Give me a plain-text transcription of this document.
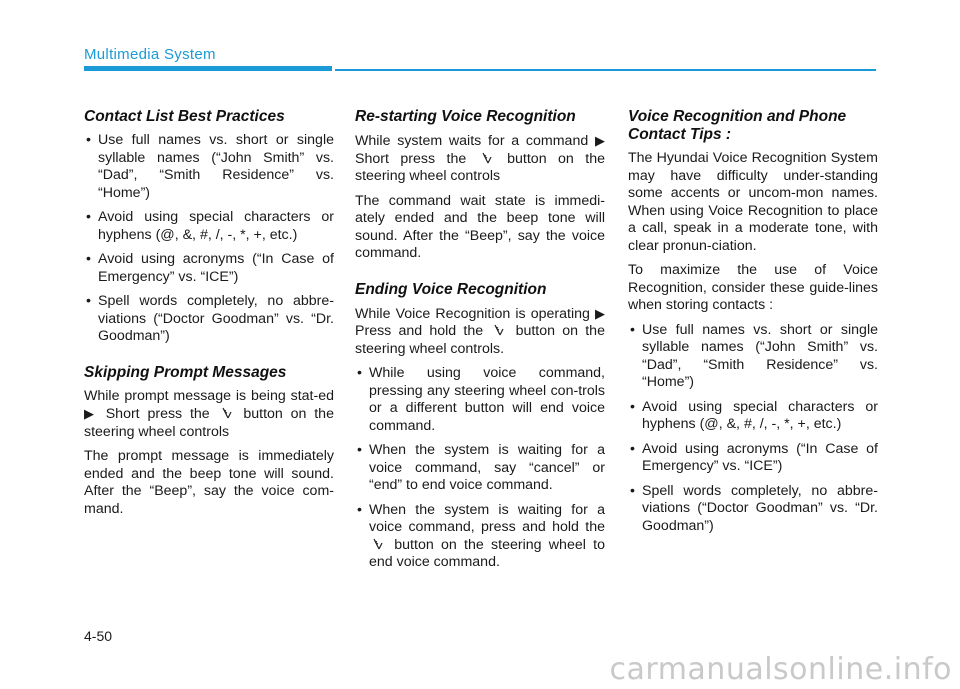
Multimedia System
Contact List Best Practices
• Use full names vs. short or single syllable names (“John Smith” vs. “Dad”, “Smith Residence” vs. “Home”)
• Avoid using special characters or hyphens (@, &, #, /, -, *, +, etc.)
• Avoid using acronyms (“In Case of Emergency” vs. “ICE”)
• Spell words completely, no abbre-viations (“Doctor Goodman” vs. “Dr. Goodman”)
Skipping Prompt Messages

While prompt message is being stat-ed ▶ Short press the button on the steering wheel controls

The prompt message is immediately ended and the beep tone will sound. After the “Beep”, say the voice com-mand.

Re-starting Voice Recognition

While system waits for a command ▶ Short press the	button on the steering wheel controls

The command wait state is immedi-ately ended and the beep tone will sound. After the “Beep”, say the voice command.

Ending Voice Recognition

While Voice Recognition is operating ▶ Press and hold the button on the steering wheel controls.

• While using voice command, pressing any steering wheel con-trols or a different button will end voice command.
• When the system is waiting for a voice command, say “cancel” or “end” to end voice command.
• When the system is waiting for a voice command, press and hold the  button on the steering wheel to end voice command.
Voice Recognition and Phone Contact Tips :

The Hyundai Voice Recognition System may have difficulty under-standing some accents or uncom-mon names. When using Voice Recognition to place a call, speak in a moderate tone, with clear pronun-ciation.

To maximize the use of Voice Recognition, consider these guide-lines when storing contacts :

• Use full names vs. short or single syllable names (“John Smith” vs. “Dad”, “Smith Residence” vs. “Home”)
• Avoid using special characters or hyphens (@, &, #, /, -, *, +, etc.)
• Avoid using acronyms (“In Case of Emergency” vs. “ICE”)
• Spell words completely, no abbre-viations (“Doctor Goodman” vs. “Dr. Goodman”)
4-50
carmanualsonline.info
